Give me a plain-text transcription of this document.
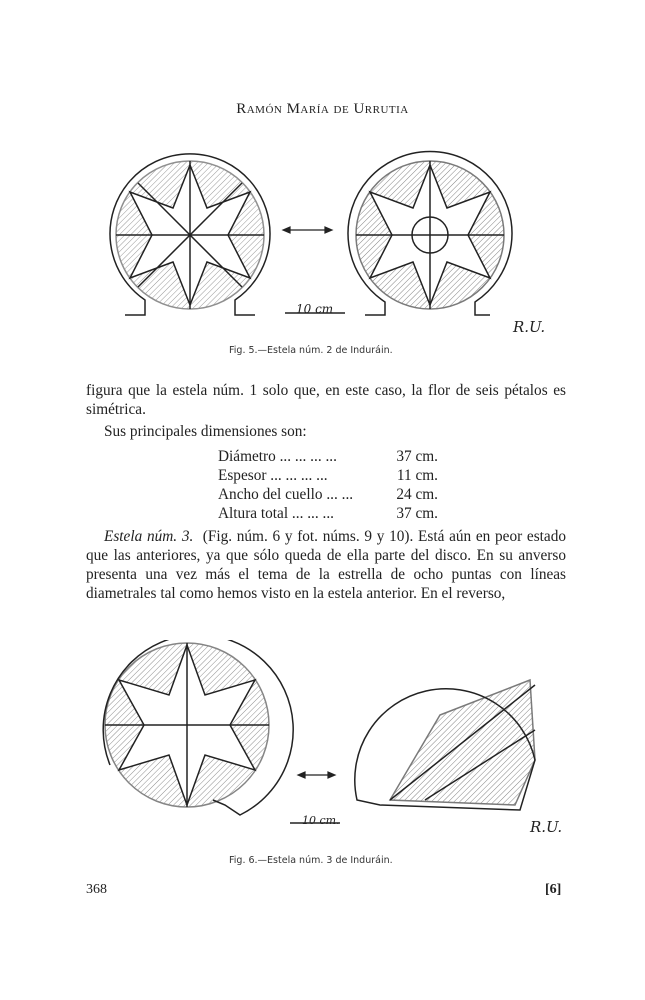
Ramón María de Urrutia
10 cm
R.U.
Fig. 5.—Estela núm. 2 de Induráin.
figura que la estela núm. 1 solo que, en este caso, la flor de seis pétalos es simétrica.
Sus principales dimensiones son:
Diámetro ... ... ... ...	37 cm.
Espesor ... ... ... ...	11 cm.
Ancho del cuello ... ...	24 cm.
Altura total ... ... ...	37 cm.
Estela núm. 3. (Fig. núm. 6 y fot. núms. 9 y 10). Está aún en peor estado que las anteriores, ya que sólo queda de ella parte del disco. En su anverso presenta una vez más el tema de la estrella de ocho puntas con líneas diametrales tal como hemos visto en la estela anterior. En el reverso,
10 cm.	R.U.
Fig. 6.—Estela núm. 3 de Induráin.
368	[6]
